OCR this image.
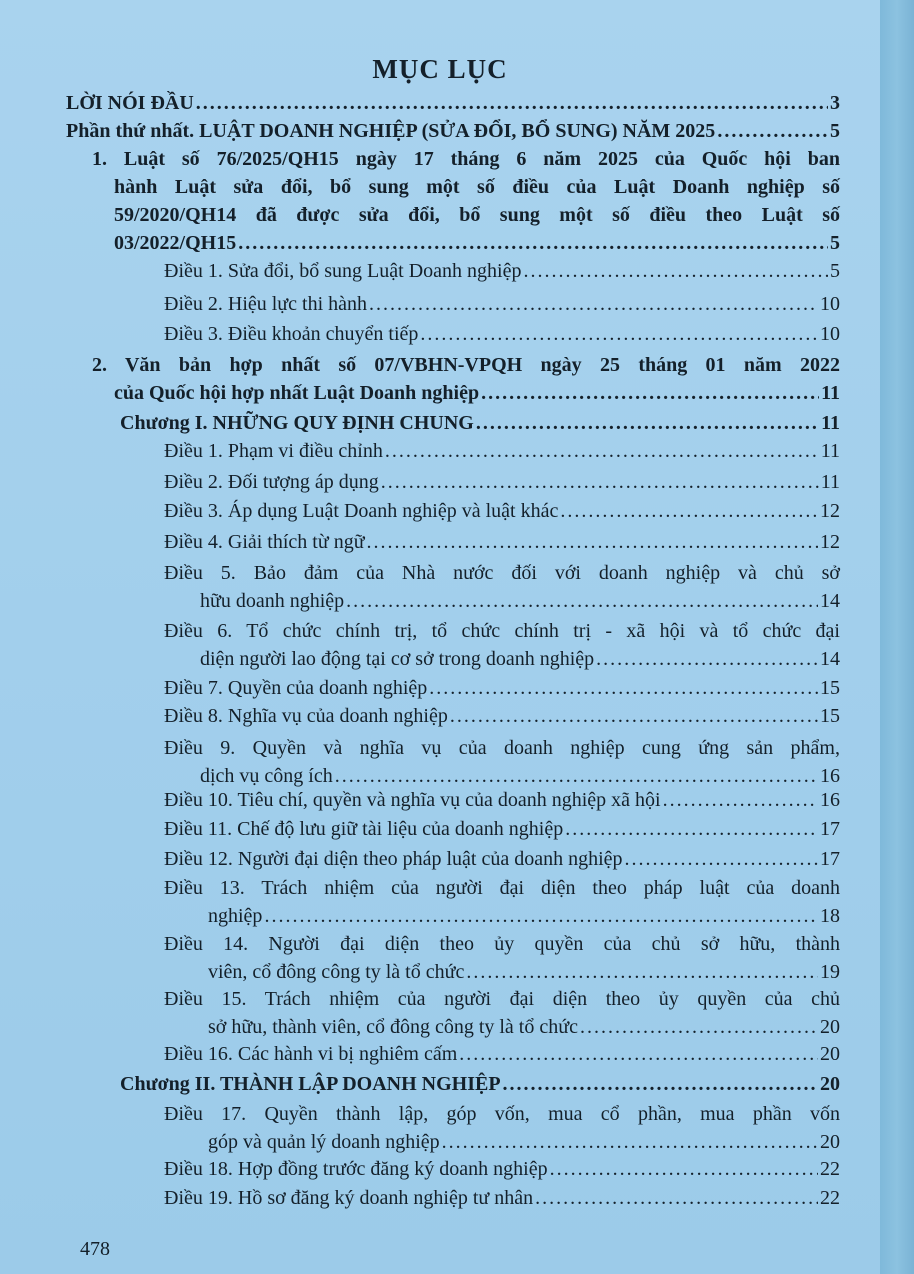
MỤC LỤC
LỜI NÓI ĐẦU .....	3
Phần thứ nhất. LUẬT DOANH NGHIỆP (SỬA ĐỔI, BỔ SUNG) NĂM 2025 .....	5
1. Luật số 76/2025/QH15 ngày 17 tháng 6 năm 2025 của Quốc hội ban
hành Luật sửa đổi, bổ sung một số điều của Luật Doanh nghiệp số
59/2020/QH14 đã được sửa đổi, bổ sung một số điều theo Luật số
03/2022/QH15 .....	5
Điều 1. Sửa đổi, bổ sung Luật Doanh nghiệp .....	5
Điều 2. Hiệu lực thi hành .....	10
Điều 3. Điều khoản chuyển tiếp .....	10
2. Văn bản hợp nhất số 07/VBHN-VPQH ngày 25 tháng 01 năm 2022
của Quốc hội hợp nhất Luật Doanh nghiệp .....	11
Chương I. NHỮNG QUY ĐỊNH CHUNG .....	11
Điều 1. Phạm vi điều chỉnh .....	11
Điều 2. Đối tượng áp dụng .....	11
Điều 3. Áp dụng Luật Doanh nghiệp và luật khác .....	12
Điều 4. Giải thích từ ngữ .....	12
Điều 5. Bảo đảm của Nhà nước đối với doanh nghiệp và chủ sở
hữu doanh nghiệp .....	14
Điều 6. Tổ chức chính trị, tổ chức chính trị - xã hội và tổ chức đại
diện người lao động tại cơ sở trong doanh nghiệp .....	14
Điều 7. Quyền của doanh nghiệp .....	15
Điều 8. Nghĩa vụ của doanh nghiệp .....	15
Điều 9. Quyền và nghĩa vụ của doanh nghiệp cung ứng sản phẩm,
dịch vụ công ích .....	16
Điều 10. Tiêu chí, quyền và nghĩa vụ của doanh nghiệp xã hội .....	16
Điều 11. Chế độ lưu giữ tài liệu của doanh nghiệp .....	17
Điều 12. Người đại diện theo pháp luật của doanh nghiệp .....	17
Điều 13. Trách nhiệm của người đại diện theo pháp luật của doanh
nghiệp .....	18
Điều 14. Người đại diện theo ủy quyền của chủ sở hữu, thành
viên, cổ đông công ty là tổ chức .....	19
Điều 15. Trách nhiệm của người đại diện theo ủy quyền của chủ
sở hữu, thành viên, cổ đông công ty là tổ chức .....	20
Điều 16. Các hành vi bị nghiêm cấm .....	20
Chương II. THÀNH LẬP DOANH NGHIỆP .....	20
Điều 17. Quyền thành lập, góp vốn, mua cổ phần, mua phần vốn
góp và quản lý doanh nghiệp .....	20
Điều 18. Hợp đồng trước đăng ký doanh nghiệp .....	22
Điều 19. Hồ sơ đăng ký doanh nghiệp tư nhân .....	22
478
